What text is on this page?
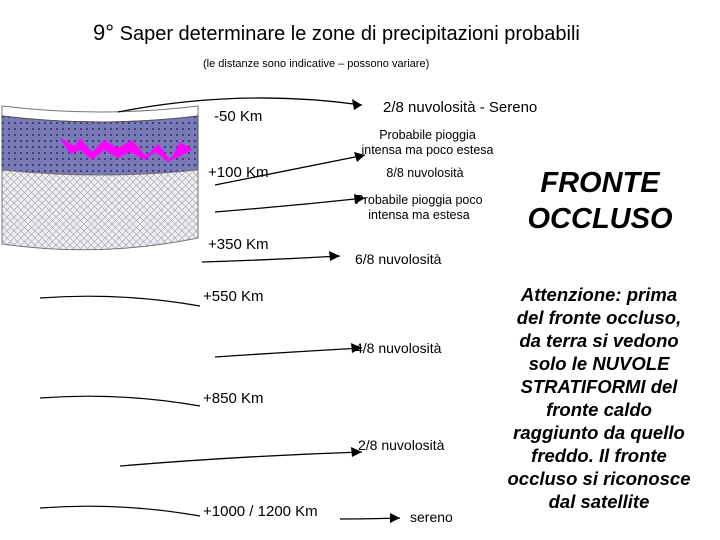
9° Saper determinare le zone di precipitazioni probabili
(le distanze sono indicative – possono variare)
-50 Km
+100 Km
+350 Km
+550 Km
+850 Km
+1000 / 1200 Km
2/8 nuvolosità - Sereno
Probabile pioggia
intensa ma poco estesa
8/8 nuvolosità
Probabile pioggia poco
intensa ma estesa
6/8 nuvolosità
4/8 nuvolosità
2/8 nuvolosità
sereno
FRONTE
OCCLUSO
Attenzione: prima
del fronte occluso,
da terra si vedono
solo le NUVOLE
STRATIFORMI del
fronte caldo
raggiunto da quello
freddo. Il fronte
occluso si riconosce
dal satellite
